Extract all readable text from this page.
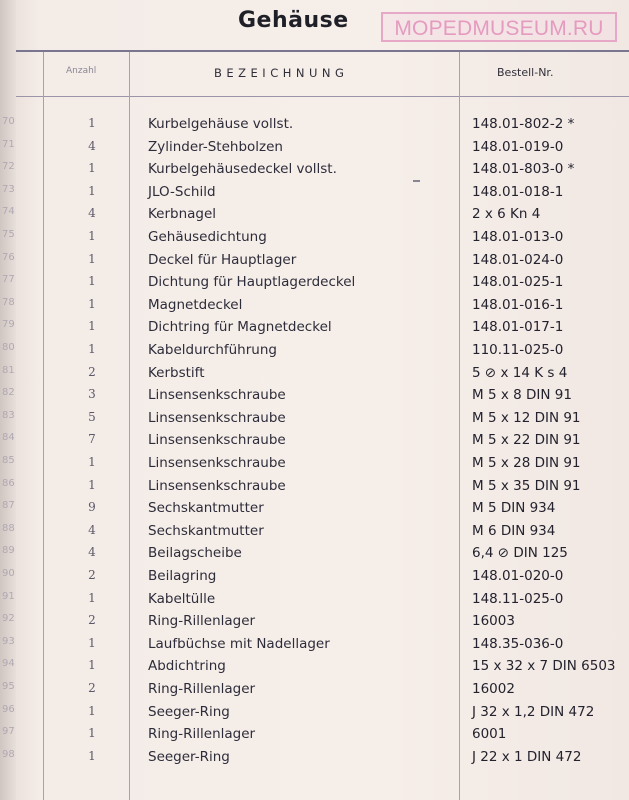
Gehäuse	MOPEDMUSEUM.RU
Anzahl	BEZEICHNUNG	Bestell-Nr.
70	1	Kurbelgehäuse vollst.	148.01-802-2 *
71	4	Zylinder-Stehbolzen	148.01-019-0
72	1	Kurbelgehäusedeckel vollst.	148.01-803-0 *
73	1	JLO-Schild	148.01-018-1
74	4	Kerbnagel	2 x 6 Kn 4
75	1	Gehäusedichtung	148.01-013-0
76	1	Deckel für Hauptlager	148.01-024-0
77	1	Dichtung für Hauptlagerdeckel	148.01-025-1
78	1	Magnetdeckel	148.01-016-1
79	1	Dichtring für Magnetdeckel	148.01-017-1
80	1	Kabeldurchführung	110.11-025-0
81	2	Kerbstift	5 ⊘ x 14 K s 4
82	3	Linsensenkschraube	M 5 x 8 DIN 91
83	5	Linsensenkschraube	M 5 x 12 DIN 91
84	7	Linsensenkschraube	M 5 x 22 DIN 91
85	1	Linsensenkschraube	M 5 x 28 DIN 91
86	1	Linsensenkschraube	M 5 x 35 DIN 91
87	9	Sechskantmutter	M 5 DIN 934
88	4	Sechskantmutter	M 6 DIN 934
89	4	Beilagscheibe	6,4 ⊘ DIN 125
90	2	Beilagring	148.01-020-0
91	1	Kabeltülle	148.11-025-0
92	2	Ring-Rillenlager	16003
93	1	Laufbüchse mit Nadellager	148.35-036-0
94	1	Abdichtring	15 x 32 x 7 DIN 6503
95	2	Ring-Rillenlager	16002
96	1	Seeger-Ring	J 32 x 1,2 DIN 472
97	1	Ring-Rillenlager	6001
98	1	Seeger-Ring	J 22 x 1 DIN 472
